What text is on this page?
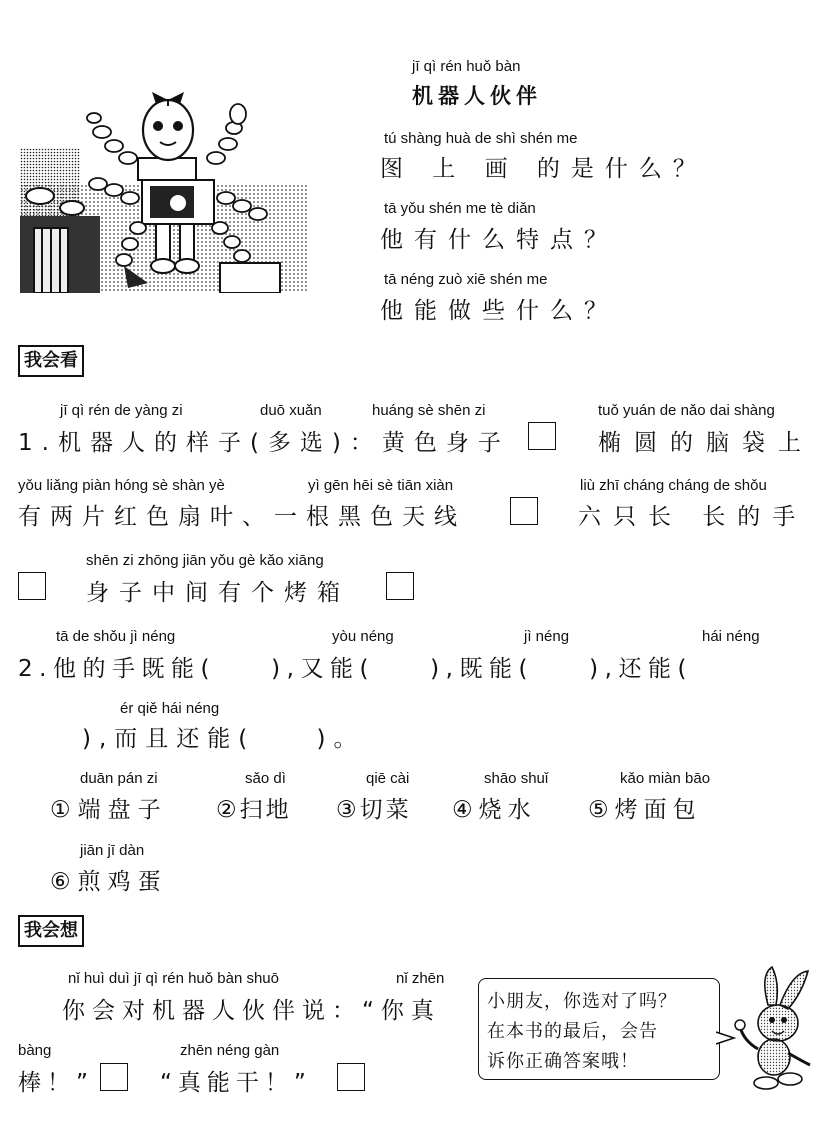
jī qì rén huǒ bàn
机器人伙伴
tú shàng huà de shì shén me
图 上 画 的是什么？
tā yǒu shén me tè diǎn
他有什么特点？
tā néng zuò xiē shén me
他能做些什么？
我会看
jī qì rén de yàng zi	duō xuǎn	huáng sè shēn zi	tuǒ yuán de nǎo dai shàng
1.机器人的样子(多选)：黄色身子	椭圆的脑袋上
yǒu liǎng piàn hóng sè shàn yè	yì gēn hēi sè tiān xiàn	liù zhī cháng cháng de shǒu
有两片红色扇叶、一根黑色天线	六只长 长的手
shēn zi zhōng jiān yǒu gè kǎo xiāng
身子中间有个烤箱
tā de shǒu jì néng	yòu néng	jì néng	hái néng
2.他的手既能(    ),又能(    ),既能(    ),还能(
ér qiě hái néng
),而且还能(    )。
duān pán zi
①端盘子
sǎo dì
②扫地
qiē cài
③切菜
shāo shuǐ
④烧水
kǎo miàn bāo
⑤烤面包
jiān jī dàn
⑥煎鸡蛋
我会想
nǐ huì duì jī qì rén huǒ bàn shuō	nǐ zhēn
你会对机器人伙伴说：“你真
bàng	zhēn néng gàn
棒！”	“真能干！”
小朋友，你选对了吗？
在本书的最后，会告
诉你正确答案哦！
